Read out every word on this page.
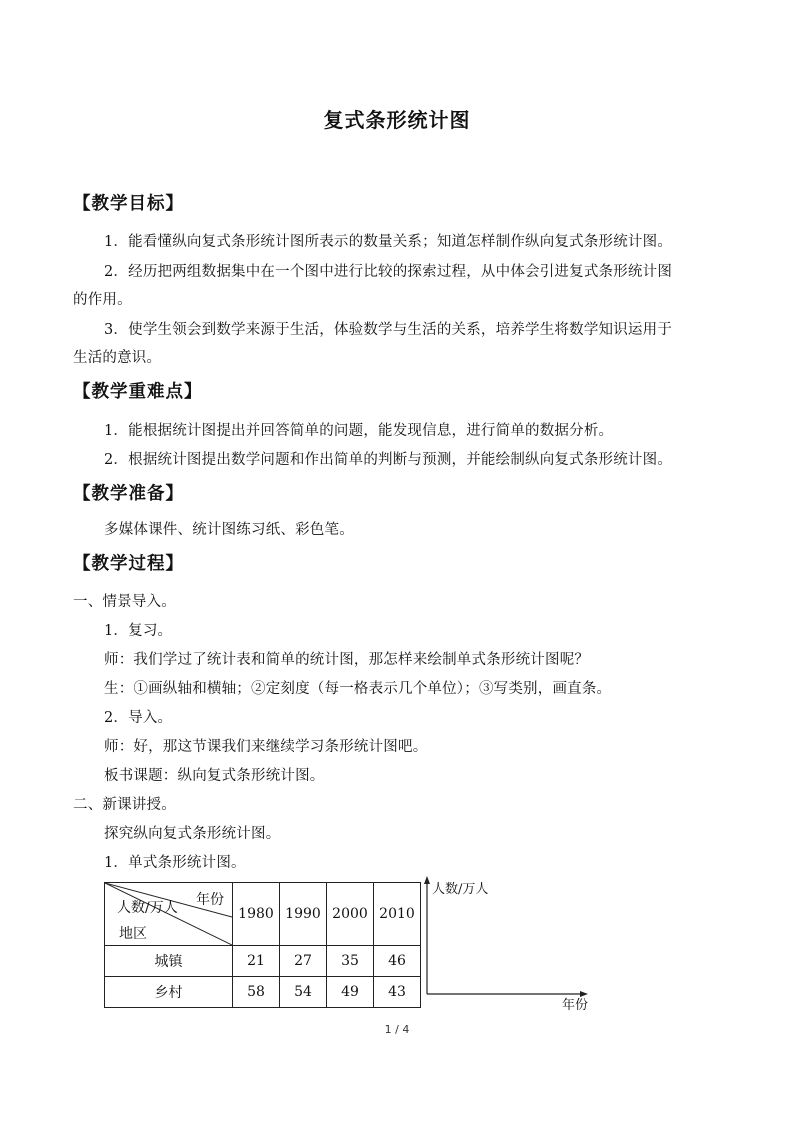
复式条形统计图
【教学目标】
1．能看懂纵向复式条形统计图所表示的数量关系；知道怎样制作纵向复式条形统计图。
2．经历把两组数据集中在一个图中进行比较的探索过程，从中体会引进复式条形统计图
的作用。
3．使学生领会到数学来源于生活，体验数学与生活的关系，培养学生将数学知识运用于
生活的意识。
【教学重难点】
1．能根据统计图提出并回答简单的问题，能发现信息，进行简单的数据分析。
2．根据统计图提出数学问题和作出简单的判断与预测，并能绘制纵向复式条形统计图。
【教学准备】
多媒体课件、统计图练习纸、彩色笔。
【教学过程】
一、情景导入。
1．复习。
师：我们学过了统计表和简单的统计图，那怎样来绘制单式条形统计图呢？
生：①画纵轴和横轴；②定刻度（每一格表示几个单位）；③写类别，画直条。
2．导入。
师：好，那这节课我们来继续学习条形统计图吧。
板书课题：纵向复式条形统计图。
二、新课讲授。
探究纵向复式条形统计图。
1．单式条形统计图。
年份
人数/万人
地区	1980	1990	2000	2010
城镇	21	27	35	46
乡村	58	54	49	43
人数/万人
年份
1 / 4
